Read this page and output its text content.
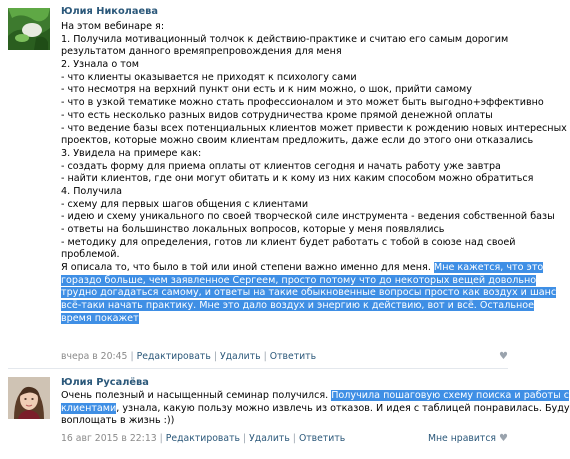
Юлия Николаева
На этом вебинаре я:
1. Получила мотивационный толчок к действию-практике и считаю его самым дорогим
результатом данного времяпрепровождения для меня
2. Узнала о том
- что клиенты оказывается не приходят к психологу сами
- что несмотря на верхний пункт они есть и к ним можно, о шок, прийти самому
- что в узкой тематике можно стать профессионалом и это может быть выгодно+эффективно
- что есть несколько разных видов сотрудничества кроме прямой денежной оплаты
- что ведение базы всех потенциальных клиентов может привести к рождению новых интересных
проектов, которые можно своим клиентам предложить, даже если до этого они отказались
3. Увидела на примере как:
- создать форму для приема оплаты от клиентов сегодня и начать работу уже завтра
- найти клиентов, где они могут обитать и к кому из них каким способом можно обратиться
4. Получила
- схему для первых шагов общения с клиентами
- идею и схему уникального по своей творческой силе инструмента - ведения собственной базы
- ответы на большинство локальных вопросов, которые у меня появлялись
- методику для определения, готов ли клиент будет работать с тобой в союзе над своей
проблемой.
Я описала то, что было в той или иной степени важно именно для меня. Мне кажется, что это
гораздо больше, чем заявленное Сергеем, просто потому что до некоторых вещей довольно
трудно догадаться самому, и ответы на такие обыкновенные вопросы просто как воздух и шанс
всё-таки начать практику. Мне это дало воздух и энергию к действию, вот и всё. Остальное
время покажет
вчера в 20:45 | Редактировать | Удалить | Ответить	♥
Юлия Русалёва
Очень полезный и насыщенный семинар получился. Получила пошаговую схему поиска и работы с
клиентами, узнала, какую пользу можно извлечь из отказов. И идея с таблицей понравилась. Буду
воплощать в жизнь :))
16 авг 2015 в 22:13 | Редактировать | Удалить | Ответить	Мне нравится ♥
